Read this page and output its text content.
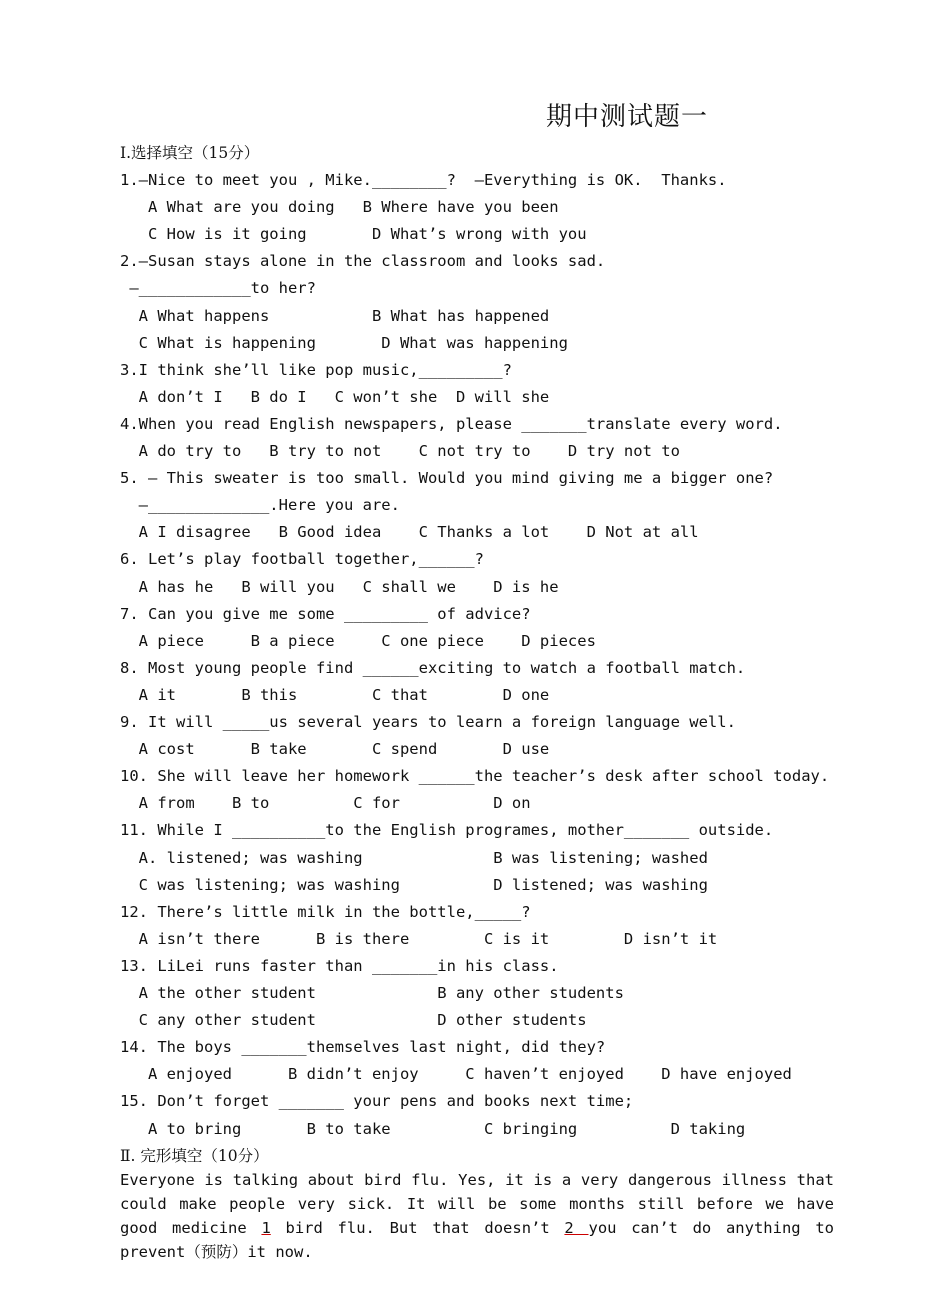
期中测试题一
Ⅰ.选择填空（15分）
1.—Nice to meet you , Mike.________?  —Everything is OK.  Thanks.
A What are you doing   B Where have you been
C How is it going       D What’s wrong with you
2.—Susan stays alone in the classroom and looks sad.
—____________to her?
A What happens           B What has happened
C What is happening       D What was happening
3.I think she’ll like pop music,_________?
A don’t I   B do I   C won’t she  D will she
4.When you read English newspapers, please _______translate every word.
A do try to   B try to not    C not try to    D try not to
5. — This sweater is too small. Would you mind giving me a bigger one?
—_____________.Here you are.
A I disagree   B Good idea    C Thanks a lot    D Not at all
6. Let’s play football together,______?
A has he   B will you   C shall we    D is he
7. Can you give me some _________ of advice?
A piece     B a piece     C one piece    D pieces
8. Most young people find ______exciting to watch a football match.
A it       B this        C that        D one
9. It will _____us several years to learn a foreign language well.
A cost      B take       C spend       D use
10. She will leave her homework ______the teacher’s desk after school today.
A from    B to         C for          D on
11. While I __________to the English programes, mother_______ outside.
A. listened; was washing              B was listening; washed
C was listening; was washing          D listened; was washing
12. There’s little milk in the bottle,_____?
A isn’t there      B is there        C is it        D isn’t it
13. LiLei runs faster than _______in his class.
A the other student             B any other students
C any other student             D other students
14. The boys _______themselves last night, did they?
A enjoyed      B didn’t enjoy     C haven’t enjoyed    D have enjoyed
15. Don’t forget _______ your pens and books next time;
A to bring       B to take          C bringing          D taking
Ⅱ. 完形填空（10分）
Everyone is talking about bird flu. Yes, it is a very dangerous illness that could make people very sick. It will be some months still before we have good medicine 1 bird flu. But that doesn’t 2 you can’t do anything to prevent（预防）it now.
